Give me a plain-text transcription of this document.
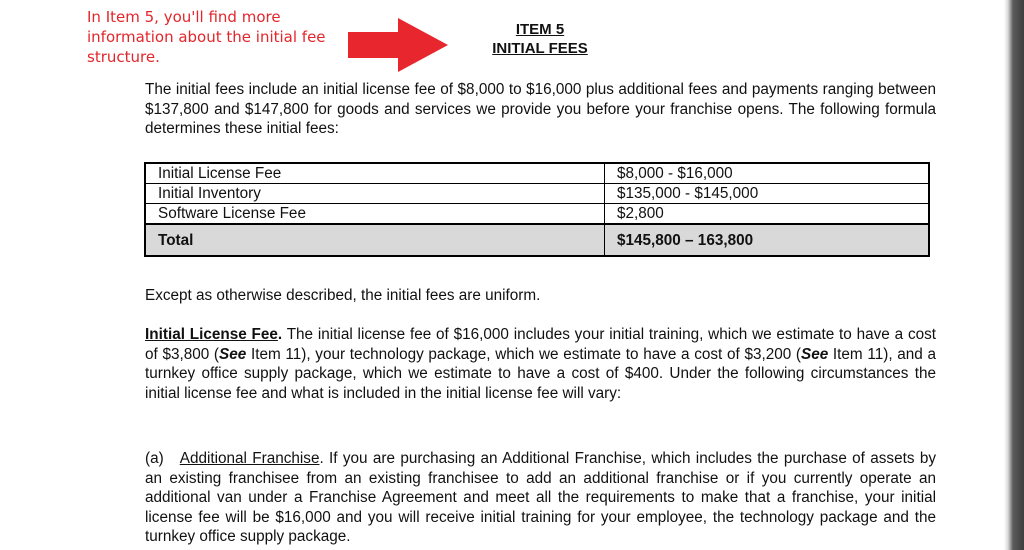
In Item 5, you'll find more information about the initial fee structure.
ITEM 5
INITIAL FEES

The initial fees include an initial license fee of $8,000 to $16,000 plus additional fees and payments ranging between $137,800 and $147,800 for goods and services we provide you before your franchise opens. The following formula determines these initial fees:

Initial License Fee	$8,000 - $16,000
Initial Inventory	$135,000 - $145,000
Software License Fee	$2,800
Total	$145,800 – 163,800

Except as otherwise described, the initial fees are uniform.

Initial License Fee. The initial license fee of $16,000 includes your initial training, which we estimate to have a cost of $3,800 (See Item 11), your technology package, which we estimate to have a cost of $3,200 (See Item 11), and a turnkey office supply package, which we estimate to have a cost of $400. Under the following circumstances the initial license fee and what is included in the initial license fee will vary:

(a) Additional Franchise. If you are purchasing an Additional Franchise, which includes the purchase of assets by an existing franchisee from an existing franchisee to add an additional franchise or if you currently operate an additional van under a Franchise Agreement and meet all the requirements to make that a franchise, your initial license fee will be $16,000 and you will receive initial training for your employee, the technology package and the turnkey office supply package.
